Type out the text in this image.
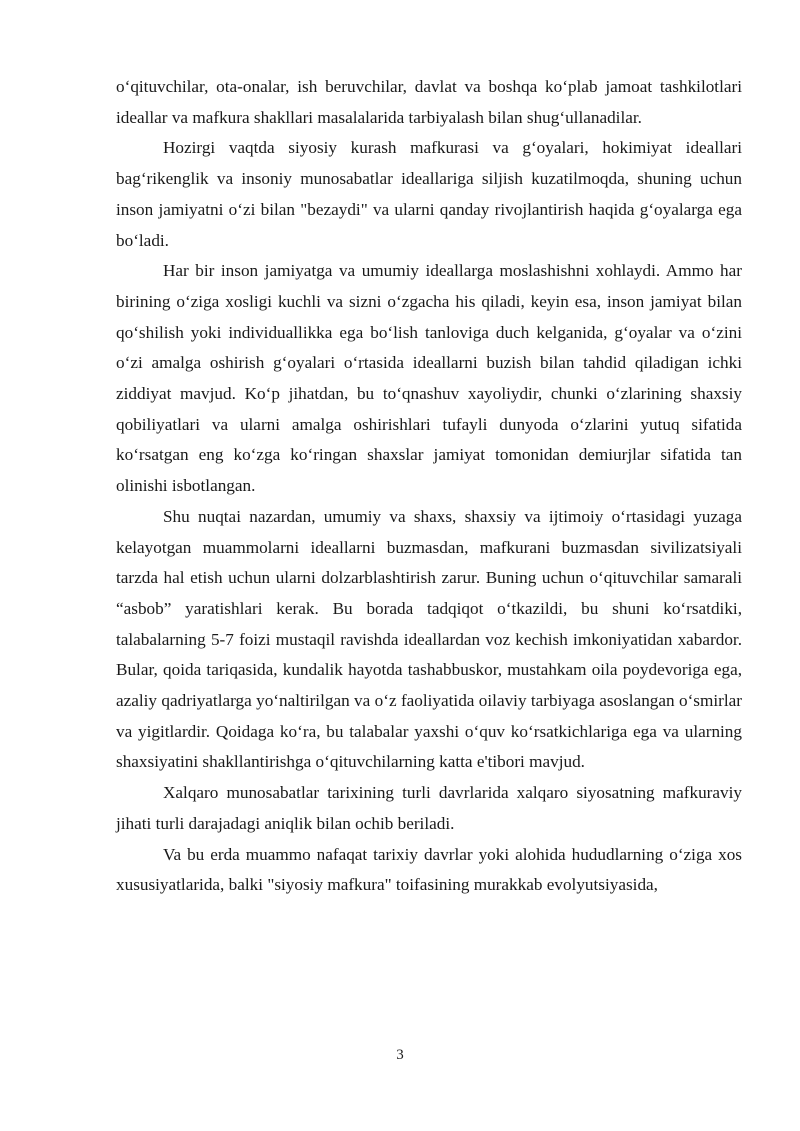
o‘qituvchilar, ota-onalar, ish beruvchilar, davlat va boshqa ko‘plab jamoat tashkilotlari ideallar va mafkura shakllari masalalarida tarbiyalash bilan shug‘ullanadilar.

Hozirgi vaqtda siyosiy kurash mafkurasi va g‘oyalari, hokimiyat ideallari bag‘rikenglik va insoniy munosabatlar ideallariga siljish kuzatilmoqda, shuning uchun inson jamiyatni o‘zi bilan "bezaydi" va ularni qanday rivojlantirish haqida g‘oyalarga ega bo‘ladi.

Har bir inson jamiyatga va umumiy ideallarga moslashishni xohlaydi. Ammo har birining o‘ziga xosligi kuchli va sizni o‘zgacha his qiladi, keyin esa, inson jamiyat bilan qo‘shilish yoki individuallikka ega bo‘lish tanloviga duch kelganida, g‘oyalar va o‘zini o‘zi amalga oshirish g‘oyalari o‘rtasida ideallarni buzish bilan tahdid qiladigan ichki ziddiyat mavjud. Ko‘p jihatdan, bu to‘qnashuv xayoliydir, chunki o‘zlarining shaxsiy qobiliyatlari va ularni amalga oshirishlari tufayli dunyoda o‘zlarini yutuq sifatida ko‘rsatgan eng ko‘zga ko‘ringan shaxslar jamiyat tomonidan demiurjlar sifatida tan olinishi isbotlangan.

Shu nuqtai nazardan, umumiy va shaxs, shaxsiy va ijtimoiy o‘rtasidagi yuzaga kelayotgan muammolarni ideallarni buzmasdan, mafkurani buzmasdan sivilizatsiyali tarzda hal etish uchun ularni dolzarblashtirish zarur. Buning uchun o‘qituvchilar samarali “asbob” yaratishlari kerak. Bu borada tadqiqot o‘tkazildi, bu shuni ko‘rsatdiki, talabalarning 5-7 foizi mustaqil ravishda ideallardan voz kechish imkoniyatidan xabardor. Bular, qoida tariqasida, kundalik hayotda tashabbuskor, mustahkam oila poydevoriga ega, azaliy qadriyatlarga yo‘naltirilgan va o‘z faoliyatida oilaviy tarbiyaga asoslangan o‘smirlar va yigitlardir. Qoidaga ko‘ra, bu talabalar yaxshi o‘quv ko‘rsatkichlariga ega va ularning shaxsiyatini shakllantirishga o‘qituvchilarning katta e'tibori mavjud.

Xalqaro munosabatlar tarixining turli davrlarida xalqaro siyosatning mafkuraviy jihati turli darajadagi aniqlik bilan ochib beriladi.

Va bu erda muammo nafaqat tarixiy davrlar yoki alohida hududlarning o‘ziga xos xususiyatlarida, balki "siyosiy mafkura" toifasining murakkab evolyutsiyasida,

3
